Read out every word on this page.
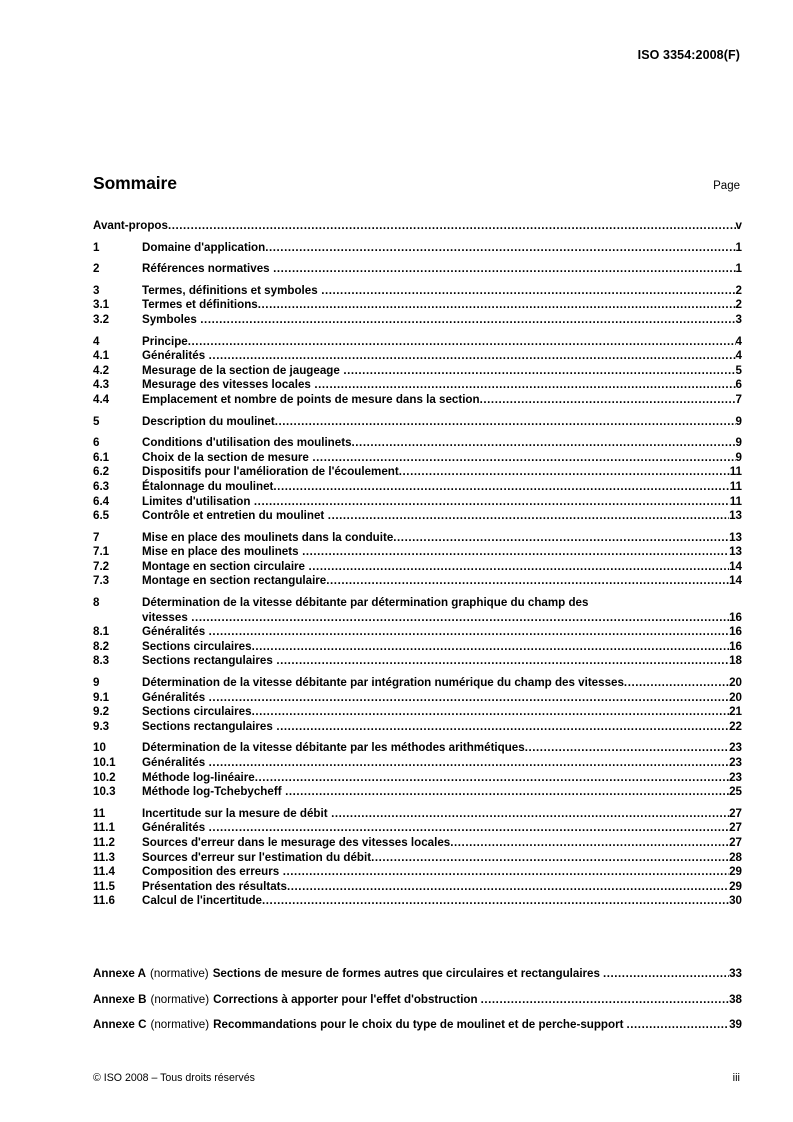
ISO 3354:2008(F)
Sommaire	Page
Avant-propos .....	v
1	Domaine d'application .....	1
2	Références normatives .....	1
3	Termes, définitions et symboles .....	2
3.1	Termes et définitions .....	2
3.2	Symboles .....	3
4	Principe .....	4
4.1	Généralités .....	4
4.2	Mesurage de la section de jaugeage .....	5
4.3	Mesurage des vitesses locales .....	6
4.4	Emplacement et nombre de points de mesure dans la section .....	7
5	Description du moulinet .....	9
6	Conditions d'utilisation des moulinets .....	9
6.1	Choix de la section de mesure .....	9
6.2	Dispositifs pour l'amélioration de l'écoulement .....	11
6.3	Étalonnage du moulinet .....	11
6.4	Limites d'utilisation .....	11
6.5	Contrôle et entretien du moulinet .....	13
7	Mise en place des moulinets dans la conduite .....	13
7.1	Mise en place des moulinets .....	13
7.2	Montage en section circulaire .....	14
7.3	Montage en section rectangulaire .....	14
8	Détermination de la vitesse débitante par détermination graphique du champ des
vitesses .....	16
8.1	Généralités .....	16
8.2	Sections circulaires .....	16
8.3	Sections rectangulaires .....	18
9	Détermination de la vitesse débitante par intégration numérique du champ des vitesses .....	20
9.1	Généralités .....	20
9.2	Sections circulaires .....	21
9.3	Sections rectangulaires .....	22
10	Détermination de la vitesse débitante par les méthodes arithmétiques .....	23
10.1	Généralités .....	23
10.2	Méthode log-linéaire .....	23
10.3	Méthode log-Tchebycheff .....	25
11	Incertitude sur la mesure de débit .....	27
11.1	Généralités .....	27
11.2	Sources d'erreur dans le mesurage des vitesses locales .....	27
11.3	Sources d'erreur sur l'estimation du débit .....	28
11.4	Composition des erreurs .....	29
11.5	Présentation des résultats .....	29
11.6	Calcul de l'incertitude .....	30
Annexe A (normative) Sections de mesure de formes autres que circulaires et rectangulaires .....	33
Annexe B (normative) Corrections à apporter pour l'effet d'obstruction .....	38
Annexe C (normative) Recommandations pour le choix du type de moulinet et de perche-support .....	39
© ISO 2008 – Tous droits réservés	iii
